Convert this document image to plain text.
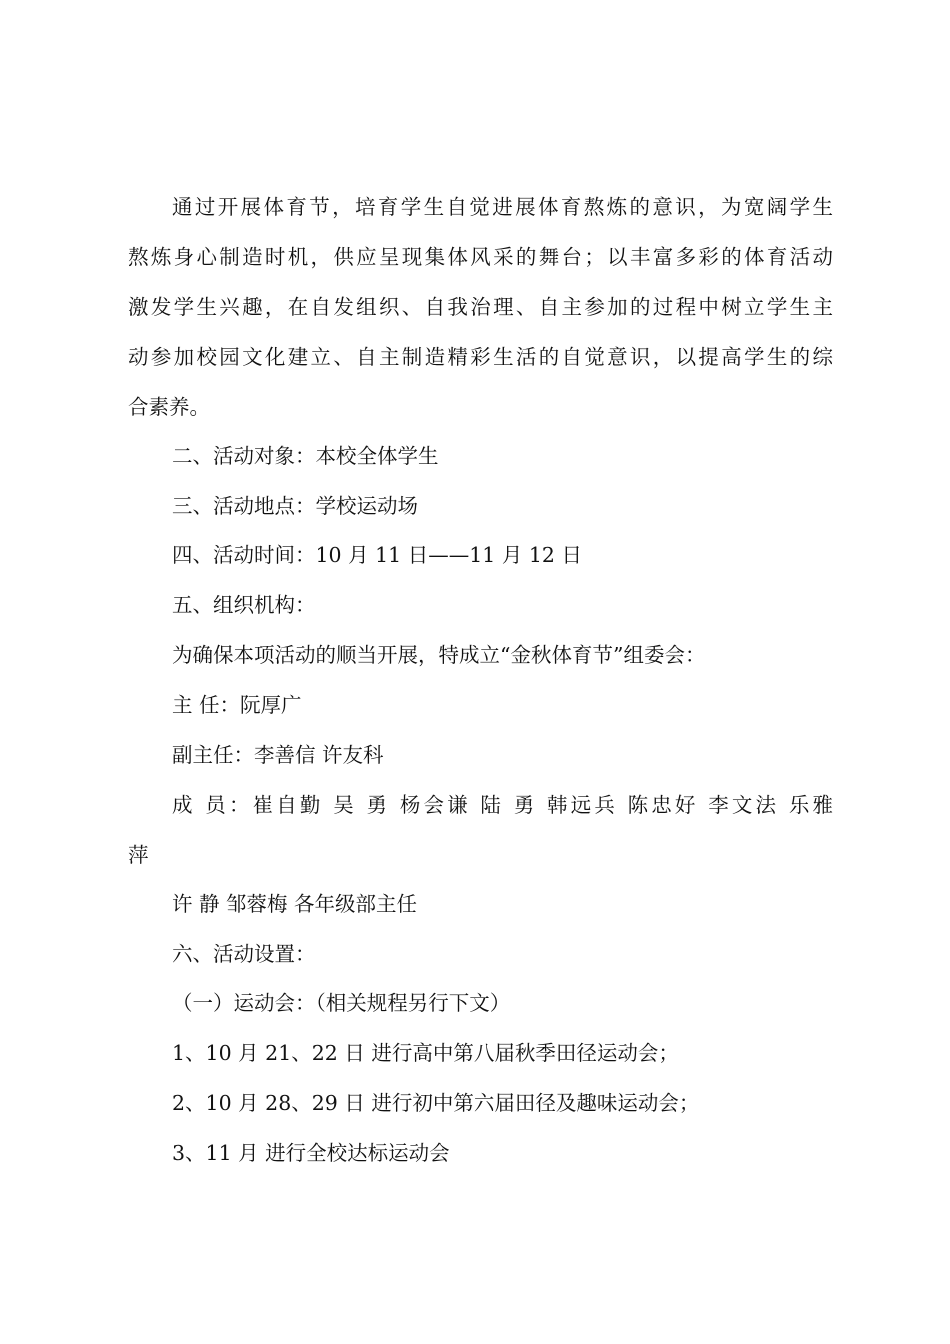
通过开展体育节，培育学生自觉进展体育熬炼的意识，为宽阔学生
熬炼身心制造时机，供应呈现集体风采的舞台；以丰富多彩的体育活动
激发学生兴趣，在自发组织、自我治理、自主参加的过程中树立学生主
动参加校园文化建立、自主制造精彩生活的自觉意识，以提高学生的综
合素养。
二、活动对象：本校全体学生
三、活动地点：学校运动场
四、活动时间：10 月 11 日——11 月 12 日
五、组织机构：
为确保本项活动的顺当开展，特成立“金秋体育节”组委会：
主 任：阮厚广
副主任：李善信 许友科
成 员：崔自勤 吴 勇 杨会谦 陆 勇 韩远兵 陈忠好 李文法 乐雅
萍
许 静 邹蓉梅 各年级部主任
六、活动设置：
（一）运动会：（相关规程另行下文）
1、10 月 21、22 日 进行高中第八届秋季田径运动会；
2、10 月 28、29 日 进行初中第六届田径及趣味运动会；
3、11 月 进行全校达标运动会
